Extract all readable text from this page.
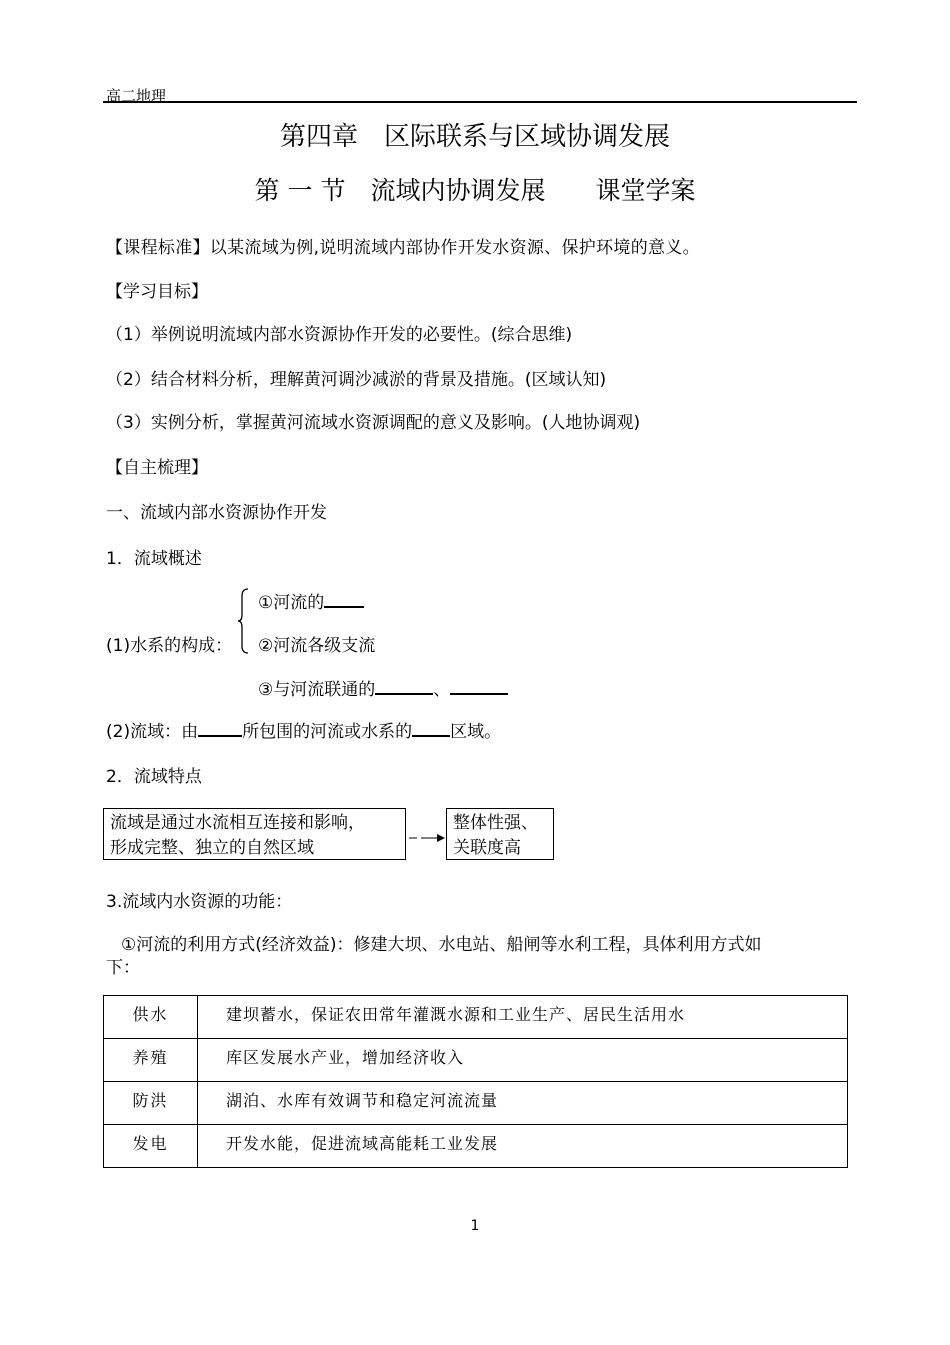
高二地理
第四章　区际联系与区域协调发展
第 一 节　流域内协调发展　　课堂学案
【课程标准】以某流域为例,说明流域内部协作开发水资源、保护环境的意义。
【学习目标】
（1）举例说明流域内部水资源协作开发的必要性。(综合思维)
（2）结合材料分析，理解黄河调沙减淤的背景及措施。(区域认知)
（3）实例分析，掌握黄河流域水资源调配的意义及影响。(人地协调观)
【自主梳理】
一、流域内部水资源协作开发
1．流域概述
(1)水系的构成：
①河流的
②河流各级支流
③与河流联通的	、
(2)流域：由	所包围的河流或水系的 区域。
2．流域特点
流域是通过水流相互连接和影响，
形成完整、独立的自然区域
整体性强、
关联度高
3.流域内水资源的功能：
①河流的利用方式(经济效益)：修建大坝、水电站、船闸等水利工程，具体利用方式如
下：
供水	建坝蓄水，保证农田常年灌溉水源和工业生产、居民生活用水
养殖	库区发展水产业，增加经济收入
防洪	湖泊、水库有效调节和稳定河流流量
发电	开发水能，促进流域高能耗工业发展
1
